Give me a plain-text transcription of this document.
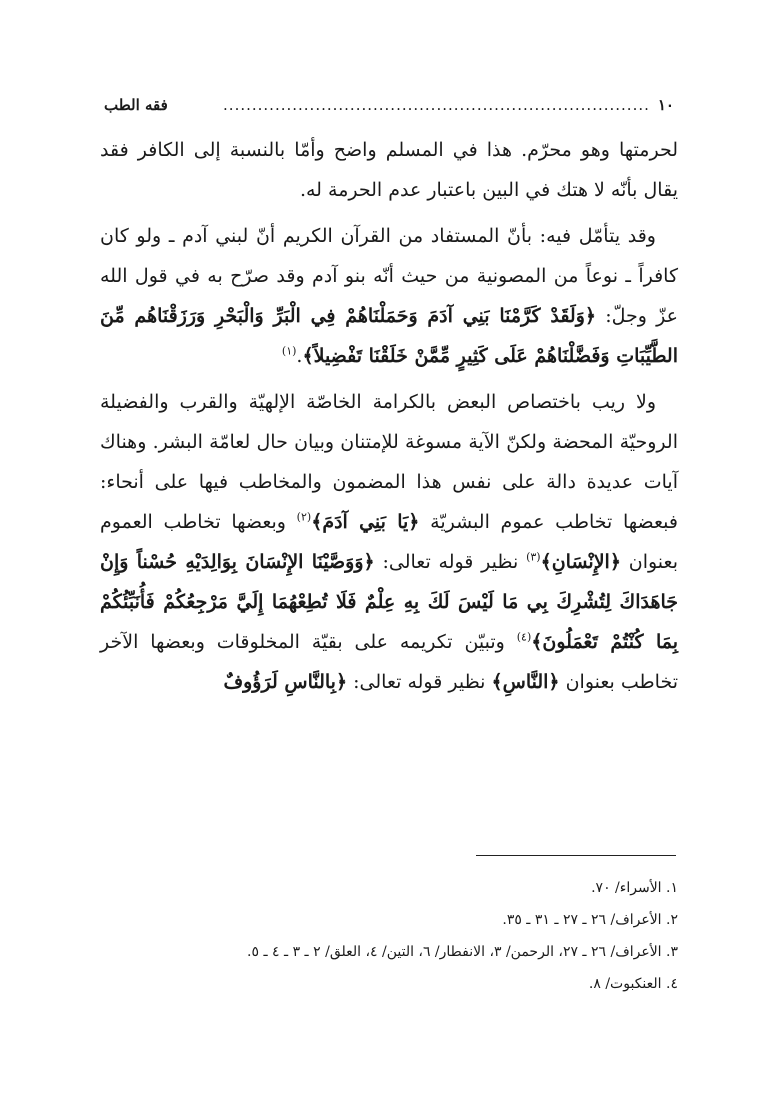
١٠
..........................................................................
فقه الطب

لحرمتها وهو محرّم. هذا في المسلم واضح وأمّا بالنسبة إلى الكافر فقد يقال بأنّه لا هتك في البين باعتبار عدم الحرمة له.

وقد يتأمّل فيه: بأنّ المستفاد من القرآن الكريم أنّ لبني آدم ـ ولو كان كافراً ـ نوعاً من المصونية من حيث أنّه بنو آدم وقد صرّح به في قول الله عزّ وجلّ: ﴿وَلَقَدْ كَرَّمْنَا بَنِي آدَمَ وَحَمَلْنَاهُمْ فِي الْبَرِّ وَالْبَحْرِ وَرَزَقْنَاهُم مِّنَ الطَّيِّبَاتِ وَفَضَّلْنَاهُمْ عَلَى كَثِيرٍ مِّمَّنْ خَلَقْنَا تَفْضِيلاً﴾.$^{(١)}$

ولا ريب باختصاص البعض بالكرامة الخاصّة الإلهيّة والقرب والفضيلة الروحيّة المحضة ولكنّ الآية مسوغة للإمتنان وبيان حال لعامّة البشر. وهناك آيات عديدة دالة على نفس هذا المضمون والمخاطب فيها على أنحاء: فبعضها تخاطب عموم البشريّة ﴿يَا بَنِي آدَمَ﴾$^{(٢)}$ وبعضها تخاطب العموم بعنوان ﴿الإِنْسَانِ﴾$^{(٣)}$ نظير قوله تعالى: ﴿وَوَصَّيْنَا الإِنْسَانَ بِوَالِدَيْهِ حُسْناً وَإِنْ جَاهَدَاكَ لِتُشْرِكَ بِي مَا لَيْسَ لَكَ بِهِ عِلْمٌ فَلَا تُطِعْهُمَا إِلَيَّ مَرْجِعُكُمْ فَأُنَبِّئُكُمْ بِمَا كُنْتُمْ تَعْمَلُونَ﴾$^{(٤)}$ وتبيّن تكريمه على بقيّة المخلوقات وبعضها الآخر تخاطب بعنوان ﴿النَّاسِ﴾ نظير قوله تعالى: ﴿بِالنَّاسِ لَرَؤُوفٌ

١. الأسراء/ ٧٠.
٢. الأعراف/ ٢٦ ـ ٢٧ ـ ٣١ ـ ٣٥.
٣. الأعراف/ ٢٦ ـ ٢٧، الرحمن/ ٣، الانفطار/ ٦، التين/ ٤، العلق/ ٢ ـ ٣ ـ ٤ ـ ٥.
٤. العنكبوت/ ٨.
